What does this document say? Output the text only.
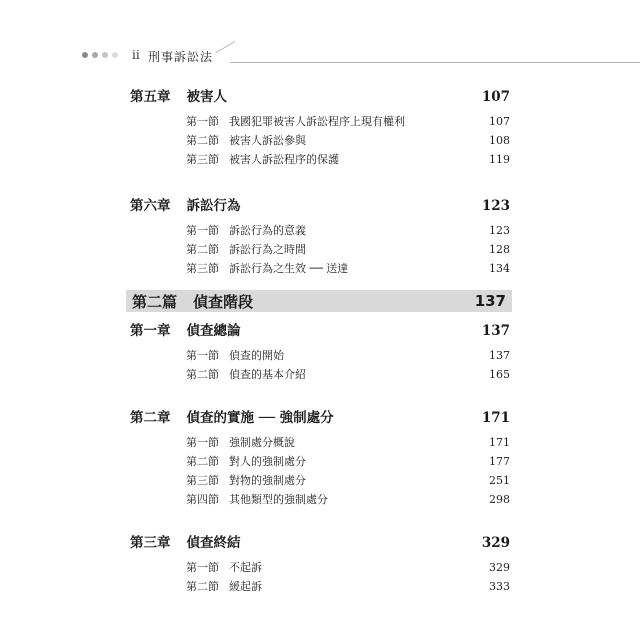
ii 刑事訴訟法
第五章 被害人	107
第一節 我國犯罪被害人訴訟程序上現有權利	107
第二節 被害人訴訟參與	108
第三節 被害人訴訟程序的保護	119
第六章 訴訟行為	123
第一節 訴訟行為的意義	123
第二節 訴訟行為之時間	128
第三節 訴訟行為之生效 ── 送達	134
第二篇 偵查階段	137
第一章 偵查總論	137
第一節 偵查的開始	137
第二節 偵查的基本介紹	165
第二章 偵查的實施 ── 強制處分	171
第一節 強制處分概說	171
第二節 對人的強制處分	177
第三節 對物的強制處分	251
第四節 其他類型的強制處分	298
第三章 偵查終結	329
第一節 不起訴	329
第二節 緩起訴	333
